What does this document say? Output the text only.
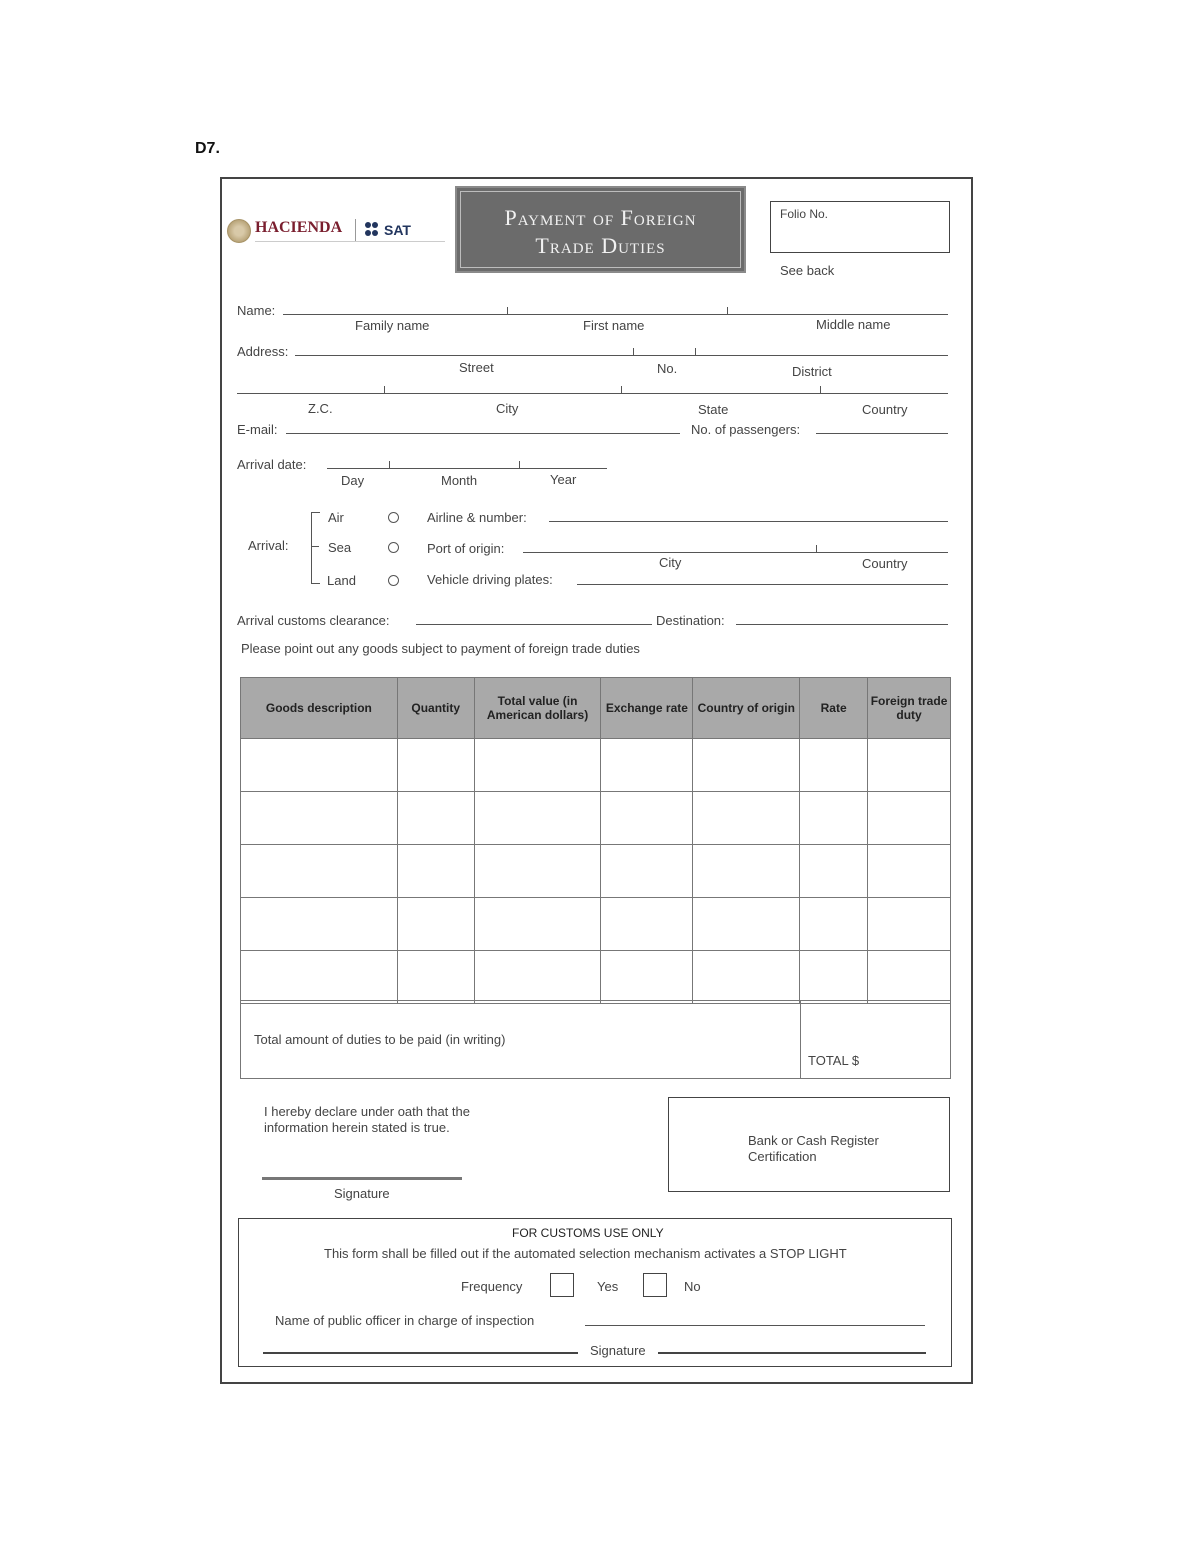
D7.
HACIENDA	SAT	Payment of Foreign
Trade Duties
Folio No.
See back
Name:
Family name	First name	Middle name
Address:
Street	No.	District
Z.C.	City	State	Country
E-mail:	No. of passengers:
Arrival date:
Day	Month	Year
Arrival:
Air
Sea
Land
Airline & number:
Port of origin:
City	Country
Vehicle driving plates:
Arrival customs clearance:	Destination:
Please point out any goods subject to payment of foreign trade duties
Goods description	Quantity	Total value (in American dollars)	Exchange rate	Country of origin	Rate	Foreign trade duty

Total amount of duties to be paid (in writing)
TOTAL $
I hereby declare under oath that the
information herein stated is true.
Signature
Bank or Cash Register
Certification
FOR CUSTOMS USE ONLY
This form shall be filled out if the automated selection mechanism activates a STOP LIGHT
Frequency	Yes	No
Name of public officer in charge of inspection
Signature
